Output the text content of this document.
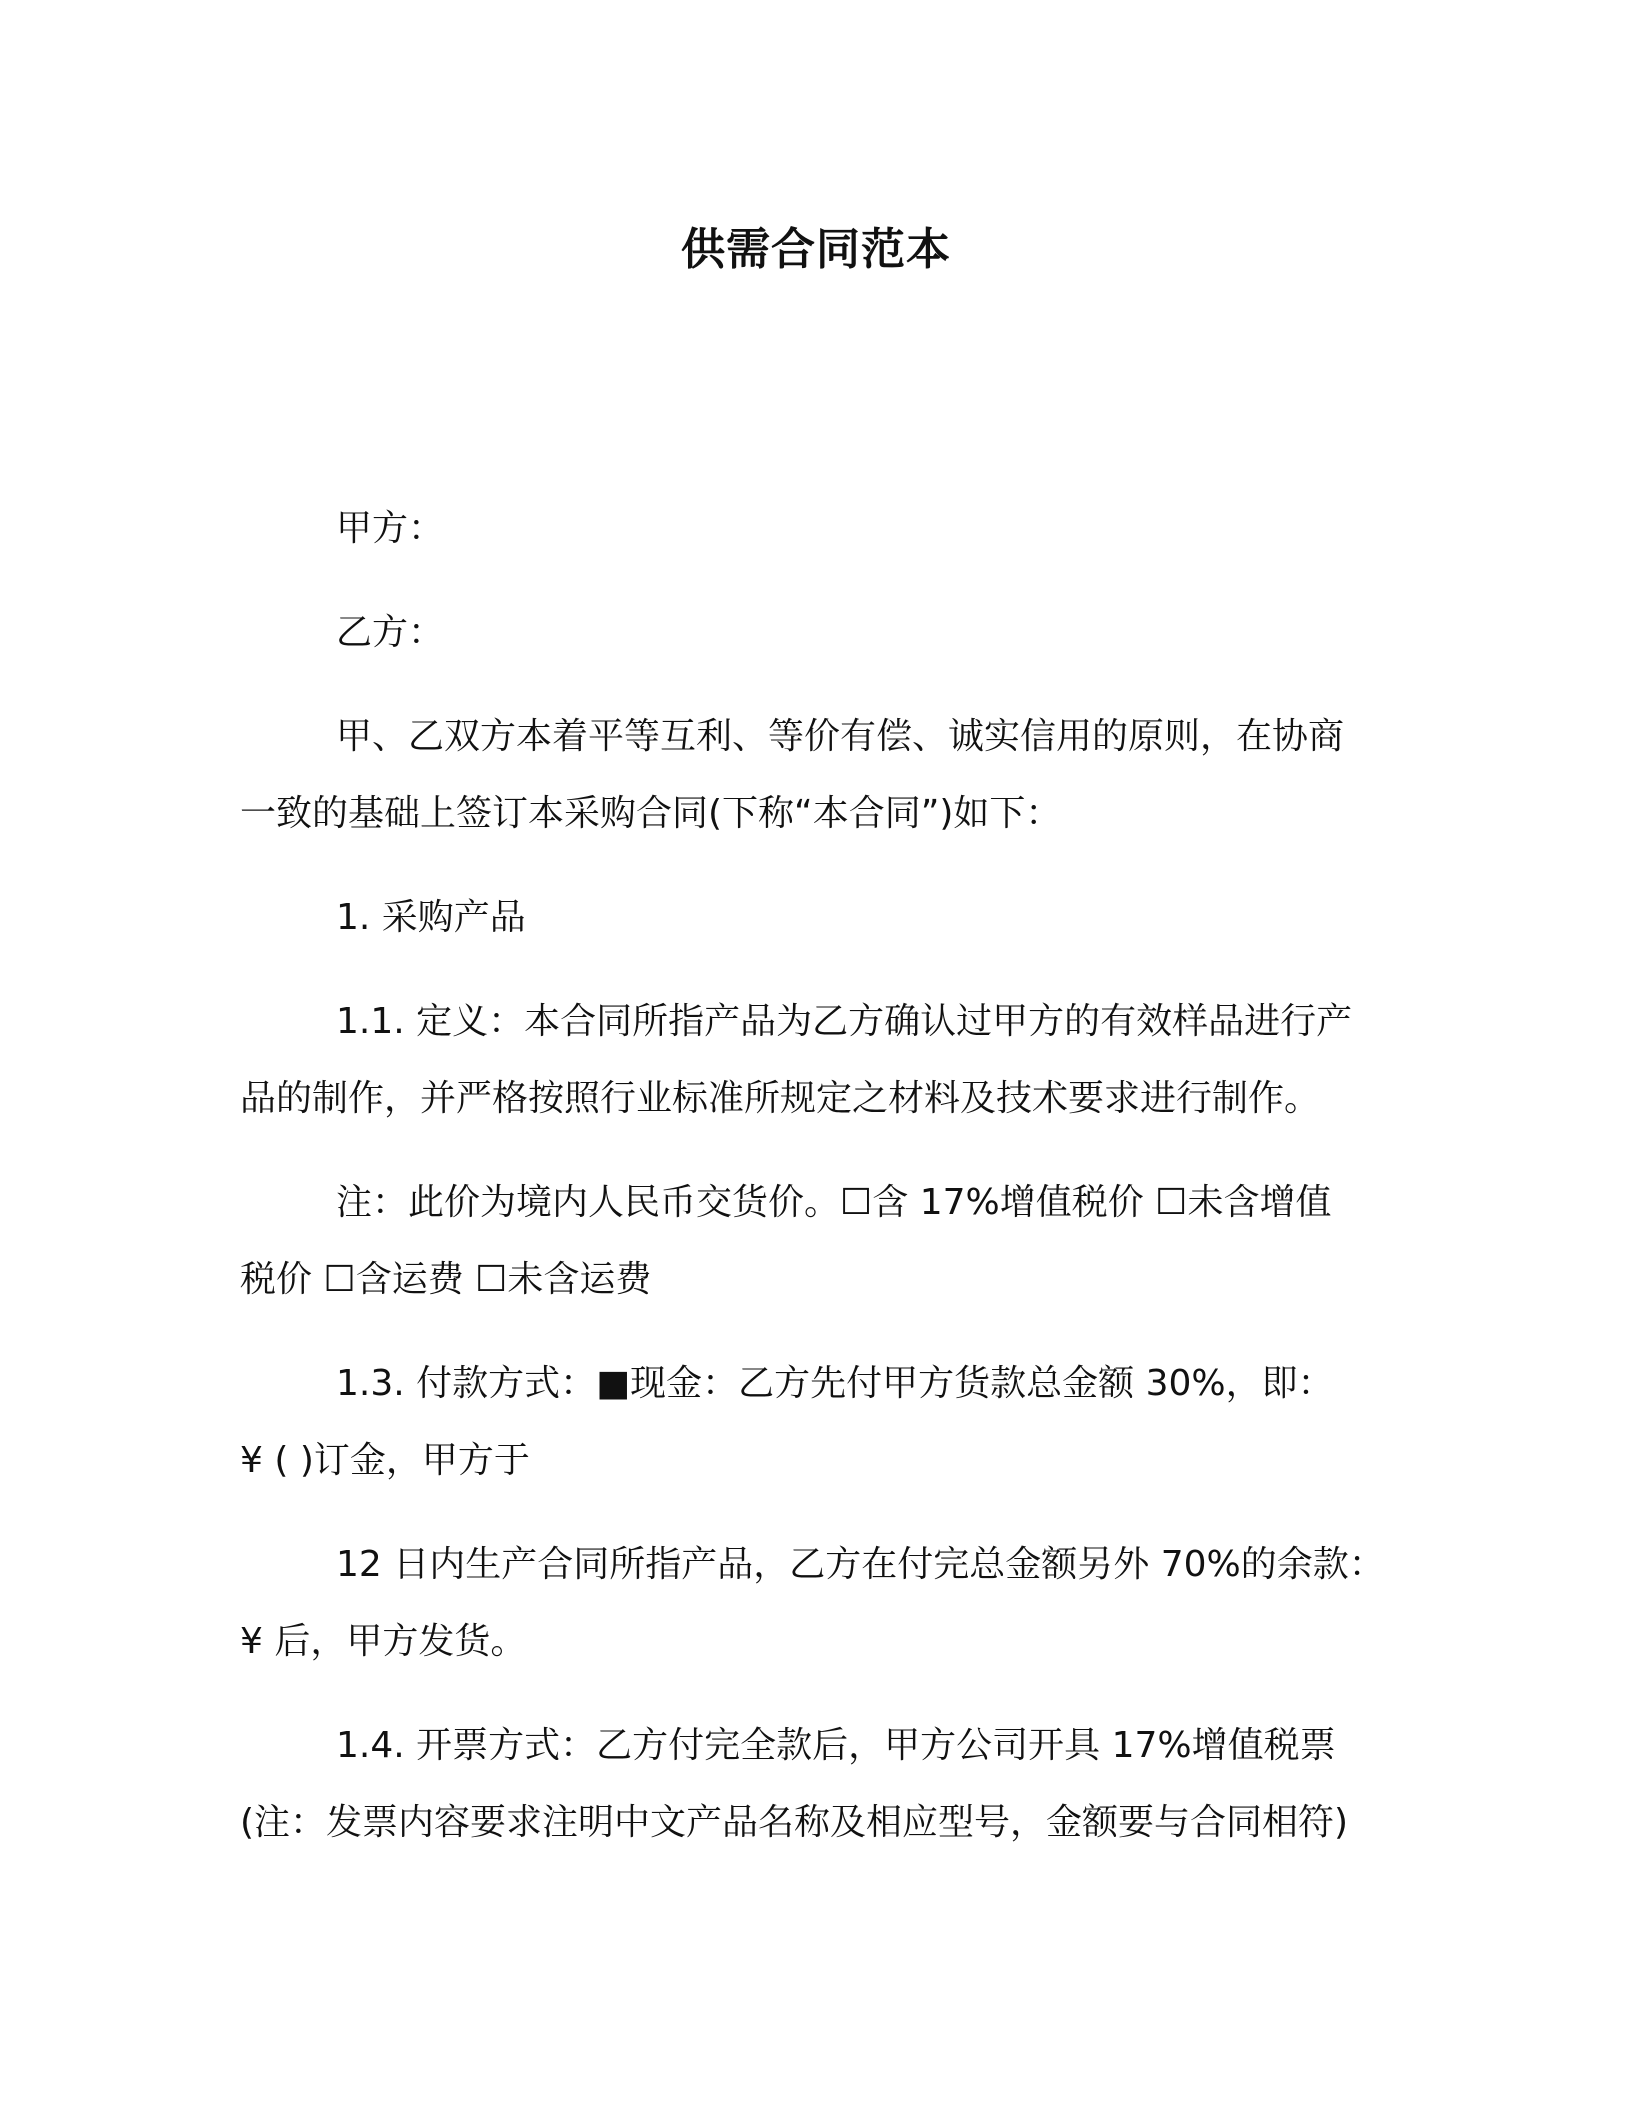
供需合同范本

甲方：

乙方：

甲、乙双方本着平等互利、等价有偿、诚实信用的原则，在协商
一致的基础上签订本采购合同(下称“本合同”)如下：

1. 采购产品

1.1. 定义：本合同所指产品为乙方确认过甲方的有效样品进行产
品的制作，并严格按照行业标准所规定之材料及技术要求进行制作。

注：此价为境内人民币交货价。☐含 17%增值税价 ☐未含增值
税价 ☐含运费 ☐未含运费

1.3. 付款方式：■现金：乙方先付甲方货款总金额 30%，即：
¥ ( )订金，甲方于

12 日内生产合同所指产品，乙方在付完总金额另外 70%的余款：
¥ 后，甲方发货。

1.4. 开票方式：乙方付完全款后，甲方公司开具 17%增值税票
(注：发票内容要求注明中文产品名称及相应型号，金额要与合同相符)
